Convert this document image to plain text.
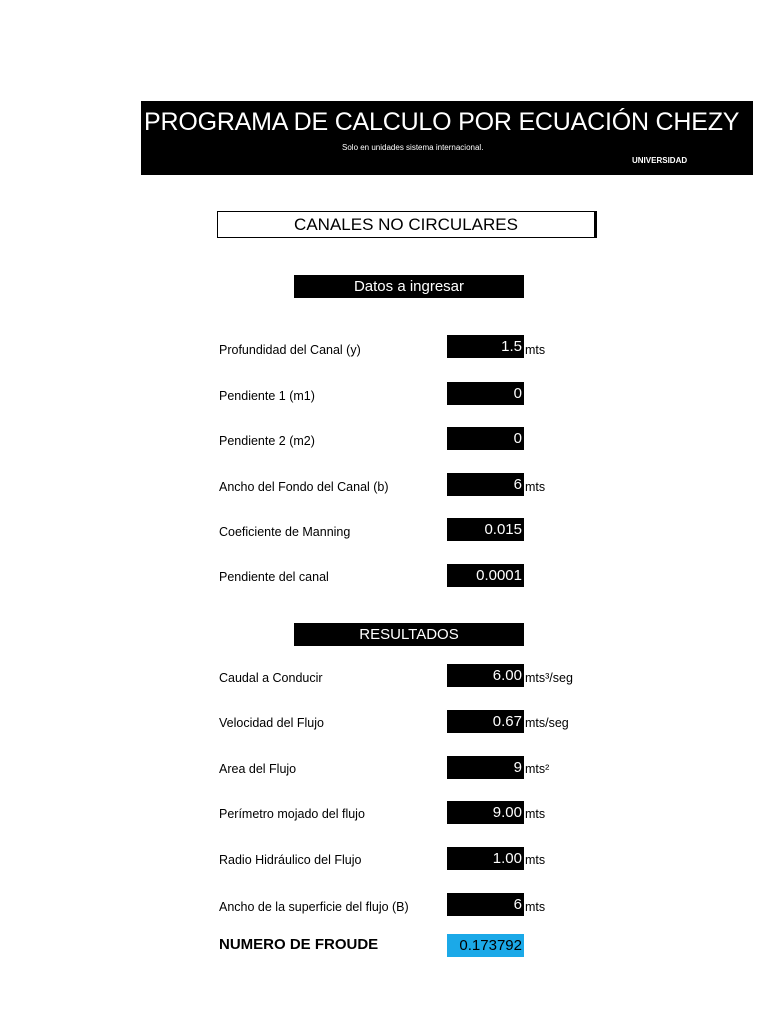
PROGRAMA DE CALCULO POR ECUACIÓN CHEZY
Solo en unidades sistema internacional.
UNIVERSIDAD
CANALES NO CIRCULARES
Datos a ingresar
Profundidad del Canal (y)	1.5 mts
Pendiente 1 (m1)	0
Pendiente 2 (m2)	0
Ancho del Fondo del Canal (b)	6 mts
Coeficiente de Manning	0.015
Pendiente del canal	0.0001
RESULTADOS
Caudal a Conducir	6.00 mts³/seg
Velocidad del Flujo	0.67 mts/seg
Area del Flujo	9 mts²
Perímetro mojado del flujo	9.00 mts
Radio Hidráulico del Flujo	1.00 mts
Ancho de la superficie del flujo (B)	6 mts
NUMERO DE FROUDE	0.173792
